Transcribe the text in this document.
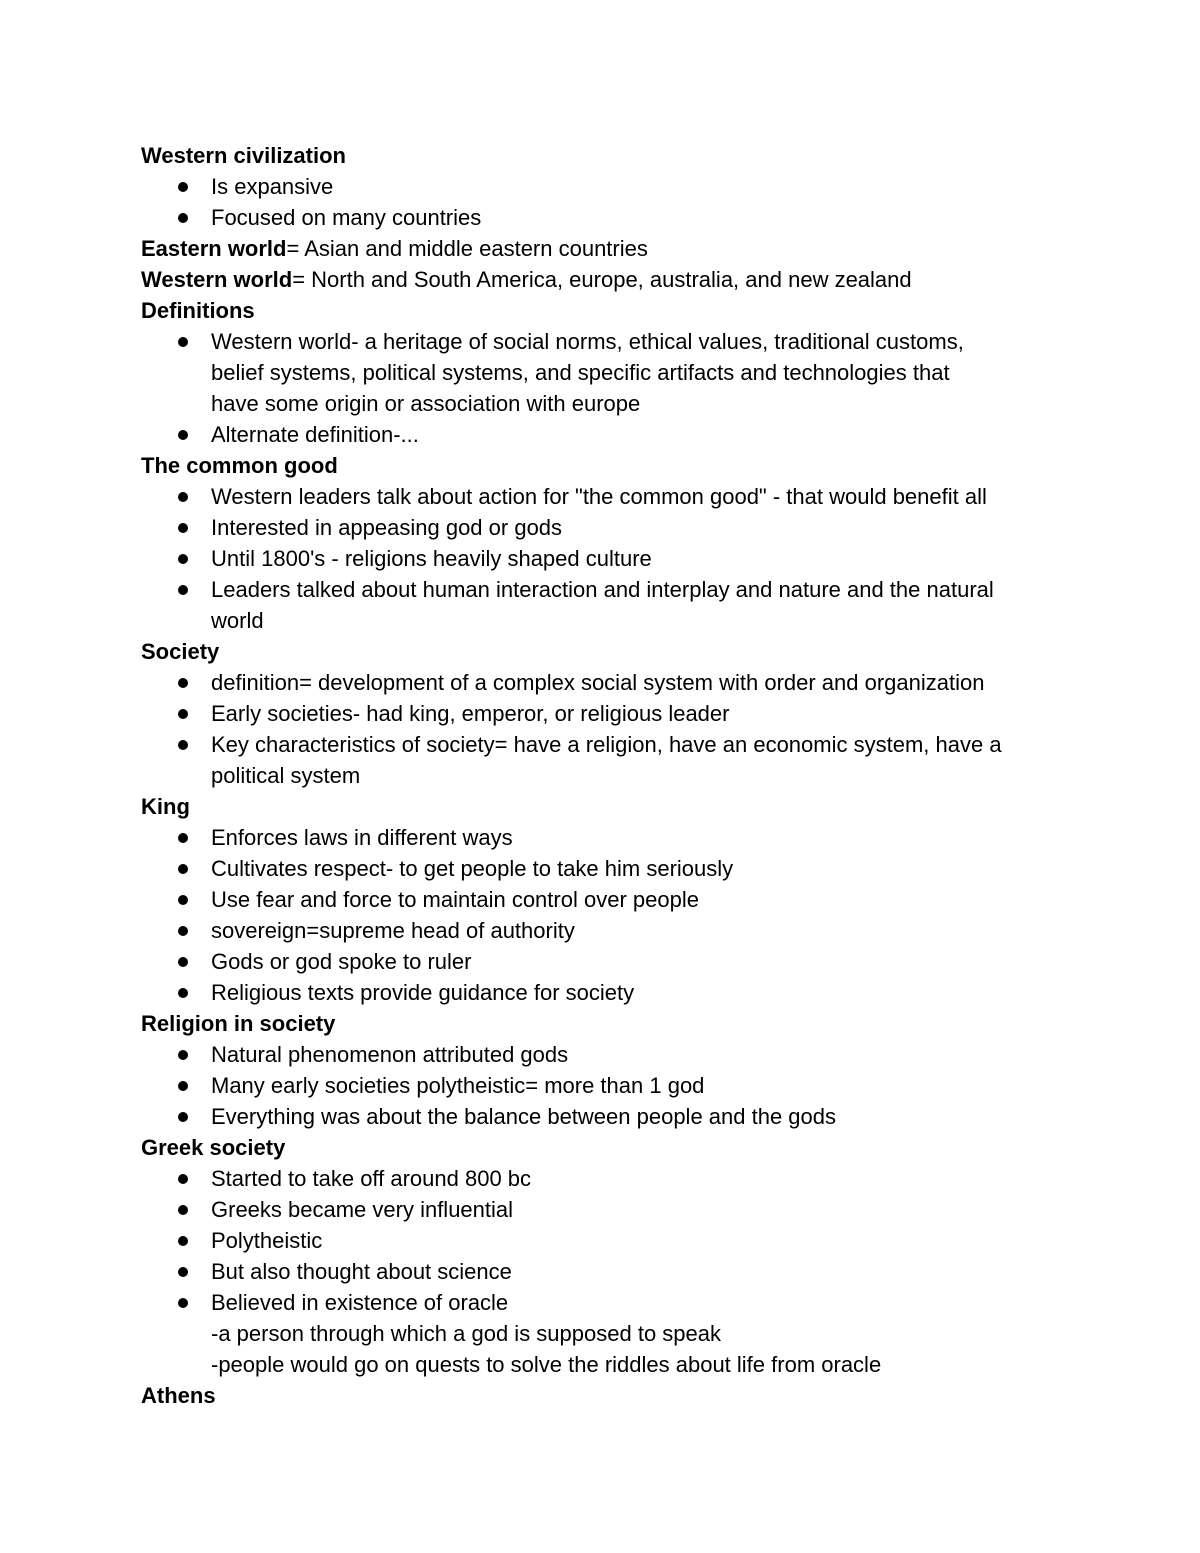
Western civilization

Is expansive
Focused on many countries

Eastern world= Asian and middle eastern countries

Western world= North and South America, europe, australia, and new zealand

Definitions

Western world- a heritage of social norms, ethical values, traditional customs,
belief systems, political systems, and specific artifacts and technologies that
have some origin or association with europe
Alternate definition-...

The common good

Western leaders talk about action for "the common good" - that would benefit all
Interested in appeasing god or gods
Until 1800's - religions heavily shaped culture
Leaders talked about human interaction and interplay and nature and the natural
world

Society

definition= development of a complex social system with order and organization
Early societies- had king, emperor, or religious leader
Key characteristics of society= have a religion, have an economic system, have a
political system

King

Enforces laws in different ways
Cultivates respect- to get people to take him seriously
Use fear and force to maintain control over people
sovereign=supreme head of authority
Gods or god spoke to ruler
Religious texts provide guidance for society

Religion in society

Natural phenomenon attributed gods
Many early societies polytheistic= more than 1 god
Everything was about the balance between people and the gods

Greek society

Started to take off around 800 bc
Greeks became very influential
Polytheistic
But also thought about science
Believed in existence of oracle
-a person through which a god is supposed to speak
-people would go on quests to solve the riddles about life from oracle

Athens
